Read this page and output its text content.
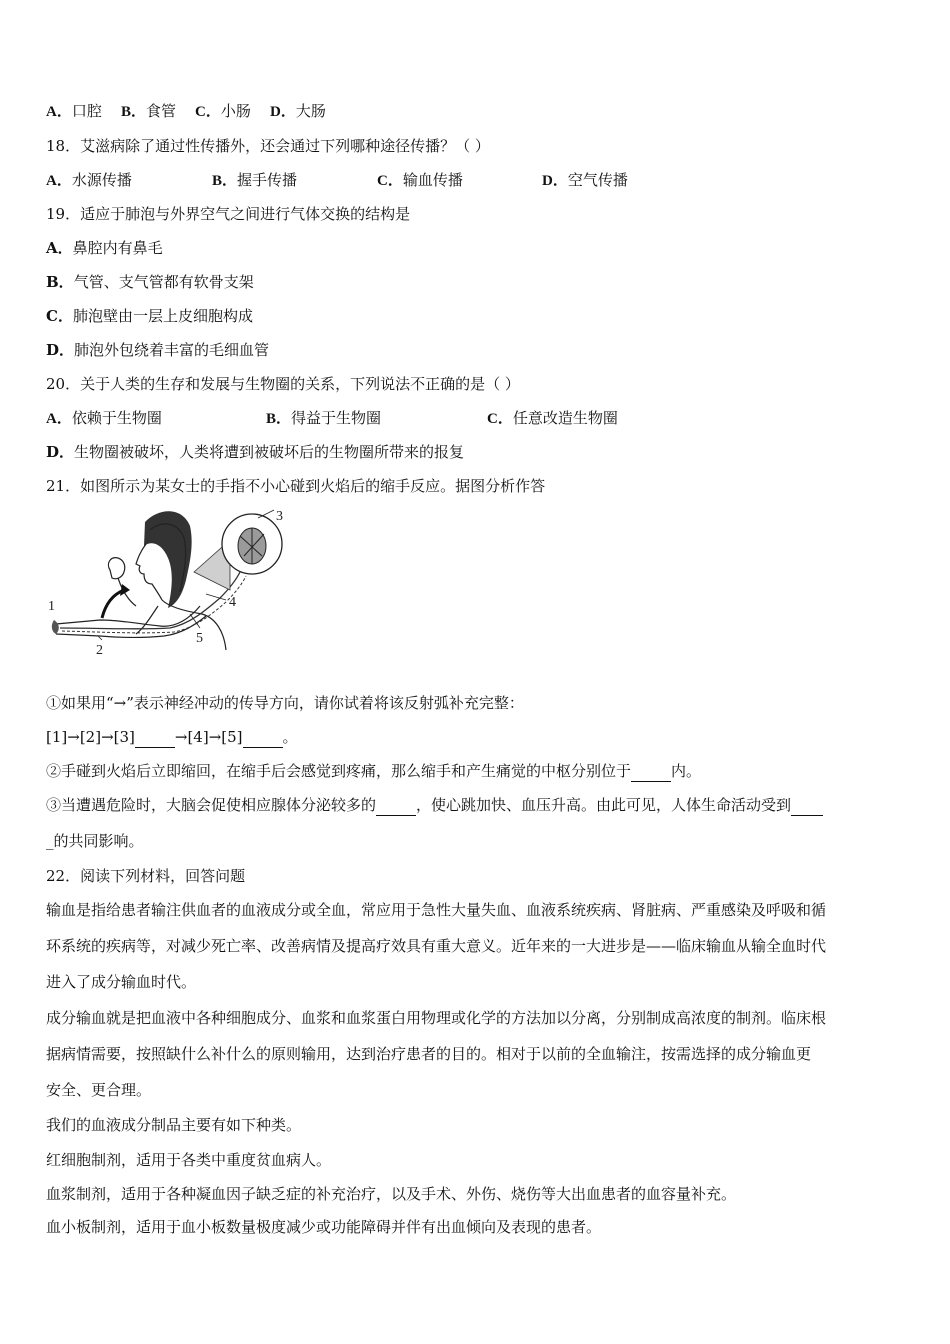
A．口腔 B．食管 C．小肠 D．大肠
18．艾滋病除了通过性传播外，还会通过下列哪种途径传播？（ ）
A．水源传播	B．握手传播	C．输血传播	D．空气传播
19．适应于肺泡与外界空气之间进行气体交换的结构是
A．鼻腔内有鼻毛
B．气管、支气管都有软骨支架
C．肺泡壁由一层上皮细胞构成
D．肺泡外包绕着丰富的毛细血管
20．关于人类的生存和发展与生物圈的关系，下列说法不正确的是（ ）
A．依赖于生物圈	B．得益于生物圈	C．任意改造生物圈
D．生物圈被破坏，人类将遭到被破坏后的生物圈所带来的报复
21．如图所示为某女士的手指不小心碰到火焰后的缩手反应。据图分析作答
1
2
3
4
5
①如果用“→”表示神经冲动的传导方向，请你试着将该反射弧补充完整：
[1]→[2]→[3]	→[4]→[5]	。
②手碰到火焰后立即缩回，在缩手后会感觉到疼痛，那么缩手和产生痛觉的中枢分别位于	内。
③当遭遇危险时，大脑会促使相应腺体分泌较多的	，使心跳加快、血压升高。由此可见，人体生命活动受到
_的共同影响。
22．阅读下列材料，回答问题
输血是指给患者输注供血者的血液成分或全血，常应用于急性大量失血、血液系统疾病、肾脏病、严重感染及呼吸和循
环系统的疾病等，对减少死亡率、改善病情及提高疗效具有重大意义。近年来的一大进步是——临床输血从输全血时代
进入了成分输血时代。
成分输血就是把血液中各种细胞成分、血浆和血浆蛋白用物理或化学的方法加以分离，分别制成高浓度的制剂。临床根
据病情需要，按照缺什么补什么的原则输用，达到治疗患者的目的。相对于以前的全血输注，按需选择的成分输血更
安全、更合理。
我们的血液成分制品主要有如下种类。
红细胞制剂，适用于各类中重度贫血病人。
血浆制剂，适用于各种凝血因子缺乏症的补充治疗，以及手术、外伤、烧伤等大出血患者的血容量补充。
血小板制剂，适用于血小板数量极度减少或功能障碍并伴有出血倾向及表现的患者。
